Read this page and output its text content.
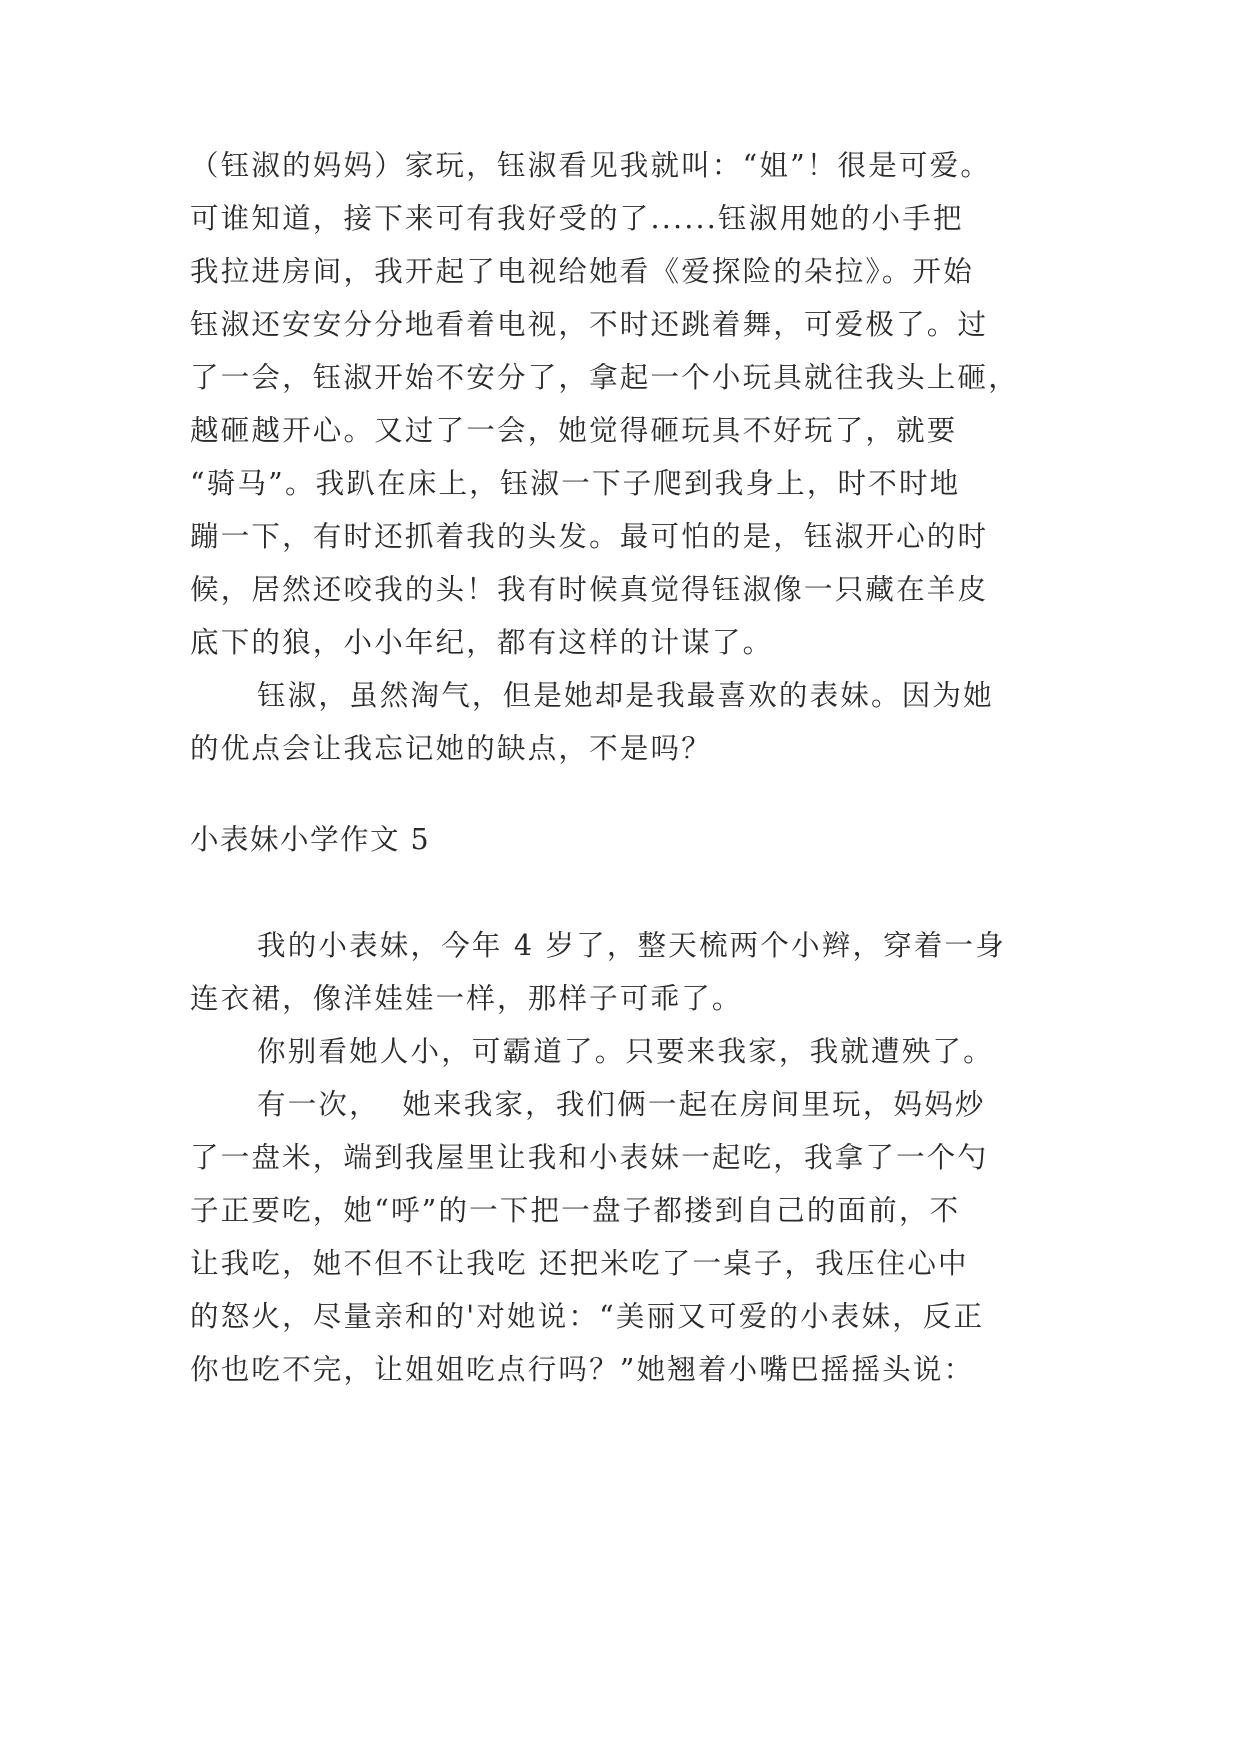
（钰淑的妈妈）家玩，钰淑看见我就叫：“姐”！很是可爱。
可谁知道，接下来可有我好受的了......钰淑用她的小手把
我拉进房间，我开起了电视给她看《爱探险的朵拉》。开始
钰淑还安安分分地看着电视，不时还跳着舞，可爱极了。过
了一会，钰淑开始不安分了，拿起一个小玩具就往我头上砸，
越砸越开心。又过了一会，她觉得砸玩具不好玩了，就要
“骑马”。我趴在床上，钰淑一下子爬到我身上，时不时地
蹦一下，有时还抓着我的头发。最可怕的是，钰淑开心的时
候，居然还咬我的头！我有时候真觉得钰淑像一只藏在羊皮
底下的狼，小小年纪，都有这样的计谋了。
钰淑，虽然淘气，但是她却是我最喜欢的表妹。因为她
的优点会让我忘记她的缺点，不是吗？
小表妹小学作文 5
我的小表妹，今年 4 岁了，整天梳两个小辫，穿着一身
连衣裙，像洋娃娃一样，那样子可乖了。
你别看她人小，可霸道了。只要来我家，我就遭殃了。
有一次，  她来我家，我们俩一起在房间里玩，妈妈炒
了一盘米，端到我屋里让我和小表妹一起吃，我拿了一个勺
子正要吃，她“呼”的一下把一盘子都搂到自己的面前，不
让我吃，她不但不让我吃 还把米吃了一桌子，我压住心中
的怒火，尽量亲和的'对她说：“美丽又可爱的小表妹，反正
你也吃不完，让姐姐吃点行吗？”她翘着小嘴巴摇摇头说：
